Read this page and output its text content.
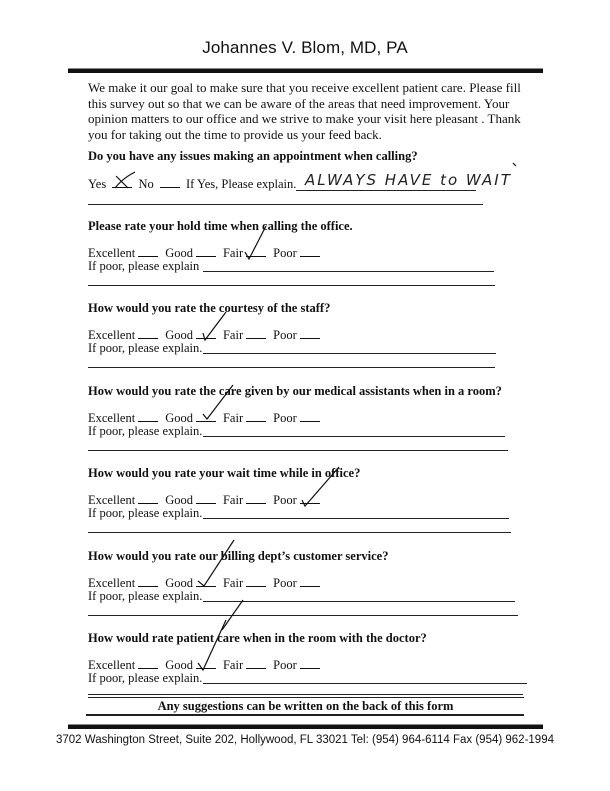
Johannes V. Blom, MD, PA
We make it our goal to make sure that you receive excellent patient care. Please fill this survey out so that we can be aware of the areas that need improvement. Your opinion matters to our office and we strive to make your visit here pleasant . Thank you for taking out the time to provide us your feed back.
Do you have any issues making an appointment when calling?
Yes	No	If Yes, Please explain. ALWAYS HAVE to WAIT
Please rate your hold time when calling the office.
Excellent Good Fair Poor
If poor, please explain
How would you rate the courtesy of the staff?
Excellent Good Fair Poor
If poor, please explain.
How would you rate the care given by our medical assistants when in a room?
Excellent Good Fair Poor
If poor, please explain.
How would you rate your wait time while in office?
Excellent Good Fair Poor
If poor, please explain.
How would you rate our billing dept’s customer service?
Excellent Good Fair Poor
If poor, please explain.
How would rate patient care when in the room with the doctor?
Excellent Good Fair Poor
If poor, please explain.
Any suggestions can be written on the back of this form
3702 Washington Street, Suite 202, Hollywood, FL 33021 Tel: (954) 964-6114 Fax (954) 962-1994
